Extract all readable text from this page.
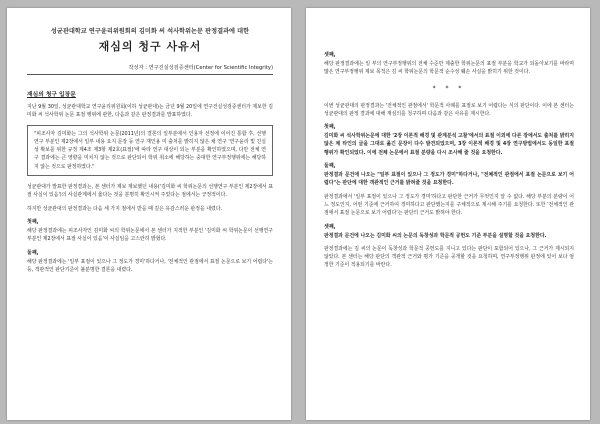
성균관대학교 연구윤리위원회의 김미화 씨 석사학위논문 판정결과에 대한
재심의 청구 사유서
작성자 : 연구진실성검증센터(Center for Scientific Integrity)
재심의 청구 입장문

지난 9월 30일, 성균관대학교 연구윤리위원회(이하 성균관대)는 금년 9월 20일에 연구진실성검증센터가 제보한 김미화 씨 석사학위 논문 표절 행위에 관한, 다음과 같은 판정결과를 발표하였다.

"피조사자 김미화는 그의 석사학위 논문(2011년)의 결론의 일부분에서 인용자 선정에 이어진 통합 후, 선행연구 부분인 제2장에서 일부 내용 요지 문장 등 연구 재인용 미 출처를 밝히지 않은 채 연구 '연구윤리 및 진실성 확보를 위한 규정 제4조 제3항 제2호(표절)'에 따라 연구 대상이 되는 부분을 확인하였으며, 다만 전체 연구 결과에는 큰 영향을 미치지 않는 것으로 판단되어 학위 취소에 해당하는 중대한 연구부정행위에는 해당하지 않는 것으로 판정하였다."

성균관대가 발표한 판정결과는, 본 센터가 제보 제보했던 내용('김미화 씨 학위논문의 선행연구 부분인 제2장에서 표절 사실이 있음')의 사실관계에서 옳다는 것을 분명히 확인시켜 주었다는 점에서는 긍정적이다.

하지만 성균관대의 판정결과는 다음 세 가지 점에서 받을 때 깊은 유감스러운 판정을 내렸다.

첫째,

해당 판정결과에는 피조사자인 김미화 씨의 학위논문에서 본 센터가 지적한 부분인 '김미화 씨 학위논문이 선행연구 부분인 제2장에서 표절 사실이 있음'이 사실임을 고스란히 밝혔다.

둘째,

해당 판정결과에는 '일부 표절이 있으나 그 정도가 경미'하다거나, '전체적인 관점에서 표절 논문으로 보기 어렵다'는 등, 객관적인 판단기준이 불분명한 결론을 내렸다.

셋째,

해당 판정결과에는 일 부의 연구부정행위의 전체 수준만 제출한 학위논문의 표절 부분을 학교가 되돌아보기를 바라며 많은 연구부정행위 제보 목적은 김 씨 학위논문의 학문적 순수성 훼손 사실을 밝히기 위한 것이다.

* * *

이번 성균관대의 판정결과는 '전체적인 관점에서' 학문적 사례를 표절로 보기 어렵다는 식의 판단이다. 이에 본 센터는 성균관대의 판정 결과에 대해 재심의를 청구하며 다음과 같은 사유를 제시한다.

첫째,

김미화 씨 석사학위논문에 대한 '2장 이론적 배경 및 관계분석 고찰'에서의 표절 이외에 다른 장에서도 출처를 밝히지 않은 채 타인의 글을 그대로 옮긴 문장이 다수 발견되었으며, 3장 이론적 배경 및 4장 연구방법에서도 동일한 표절 행위가 확인되었다. 이에 전체 논문에서 표절 분량을 다시 조사해 줄 것을 요청한다.

둘째,

판정결과 문건에 나오는 "일부 표절이 있으나 그 정도가 경미"하다거나, "전체적인 관점에서 표절 논문으로 보기 어렵다"는 판단에 대한 객관적인 근거를 밝혀줄 것을 요청한다.

판정결과에서 '일부 표절이 있으나 그 정도가 경미'하다고 판단한 근거가 무엇인지 알 수 없다. 해당 부분의 분량이 어느 정도인지, 어떤 기준에 근거하여 경미하다고 판단했는지를 구체적으로 제시해 주기를 요청한다. 또한 '전체적인 관점에서 표절 논문으로 보기 어렵다'는 판단의 근거도 밝혀야 한다.

셋째,

판정결과 문건에 나오는 김미화 씨의 논문의 독창성과 학문적 공헌도 기준 부분을 설명할 것을 요청한다.

판정결과에는 김 씨의 논문이 독창성과 학문적 공헌도를 지니고 있다는 판단이 포함되어 있으나, 그 근거가 제시되지 않았다. 본 센터는 해당 판단의 객관적 근거와 평가 기준을 공개할 것을 요청하며, 연구부정행위 판정에 있어 보다 엄정한 기준이 적용되기를 바란다.
